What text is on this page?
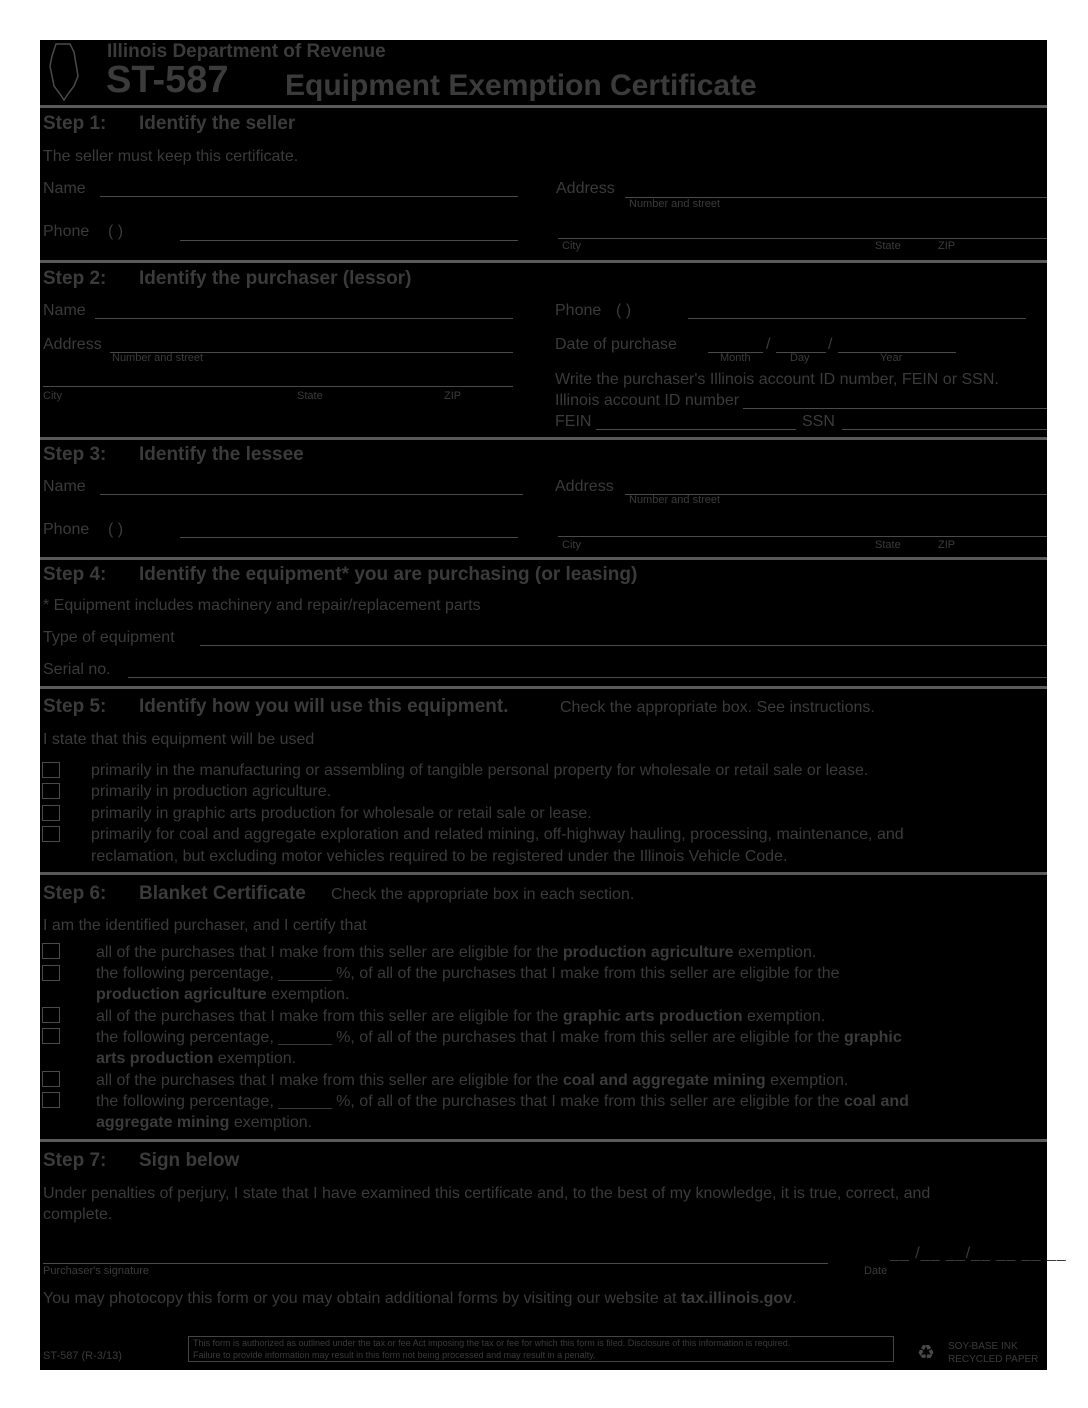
Illinois Department of Revenue
ST-587 Equipment Exemption Certificate
Step 1: Identify the seller
The seller must keep this certificate.
Name
Phone ( )
Address
Number and street
City	State	ZIP
Step 2: Identify the purchaser (lessor)
Name
Address
Number and street
City	State	ZIP
Phone ( )
Date of purchase	/	/
Month	Day	Year
Write the purchaser's Illinois account ID number, FEIN or SSN.
Illinois account ID number
FEIN	SSN
Step 3: Identify the lessee
Name
Phone ( )
Address
Number and street
City	State	ZIP
Step 4: Identify the equipment* you are purchasing (or leasing)
* Equipment includes machinery and repair/replacement parts
Type of equipment
Serial no.
Step 5: Identify how you will use this equipment.	Check the appropriate box. See instructions.
I state that this equipment will be used
primarily in the manufacturing or assembling of tangible personal property for wholesale or retail sale or lease.
primarily in production agriculture.
primarily in graphic arts production for wholesale or retail sale or lease.
primarily for coal and aggregate exploration and related mining, off-highway hauling, processing, maintenance, and
reclamation, but excluding motor vehicles required to be registered under the Illinois Vehicle Code.
Step 6: Blanket Certificate Check the appropriate box in each section.
I am the identified purchaser, and I certify that
all of the purchases that I make from this seller are eligible for the production agriculture exemption.
the following percentage, ______ %, of all of the purchases that I make from this seller are eligible for the
production agriculture exemption.
all of the purchases that I make from this seller are eligible for the graphic arts production exemption.
the following percentage, ______ %, of all of the purchases that I make from this seller are eligible for the graphic
arts production exemption.
all of the purchases that I make from this seller are eligible for the coal and aggregate mining exemption.
the following percentage, ______ %, of all of the purchases that I make from this seller are eligible for the coal and
aggregate mining exemption.
Step 7: Sign below
Under penalties of perjury, I state that I have examined this certificate and, to the best of my knowledge, it is true, correct, and
complete.
Purchaser's signature
__ /__ __/__ __ __ __
Date
You may photocopy this form or you may obtain additional forms by visiting our website at tax.illinois.gov.
ST-587 (R-3/13)
This form is authorized as outlined under the tax or fee Act imposing the tax or fee for which this form is filed. Disclosure of this information is required.
Failure to provide information may result in this form not being processed and may result in a penalty.	♻ SOY-BASE INK
RECYCLED PAPER
